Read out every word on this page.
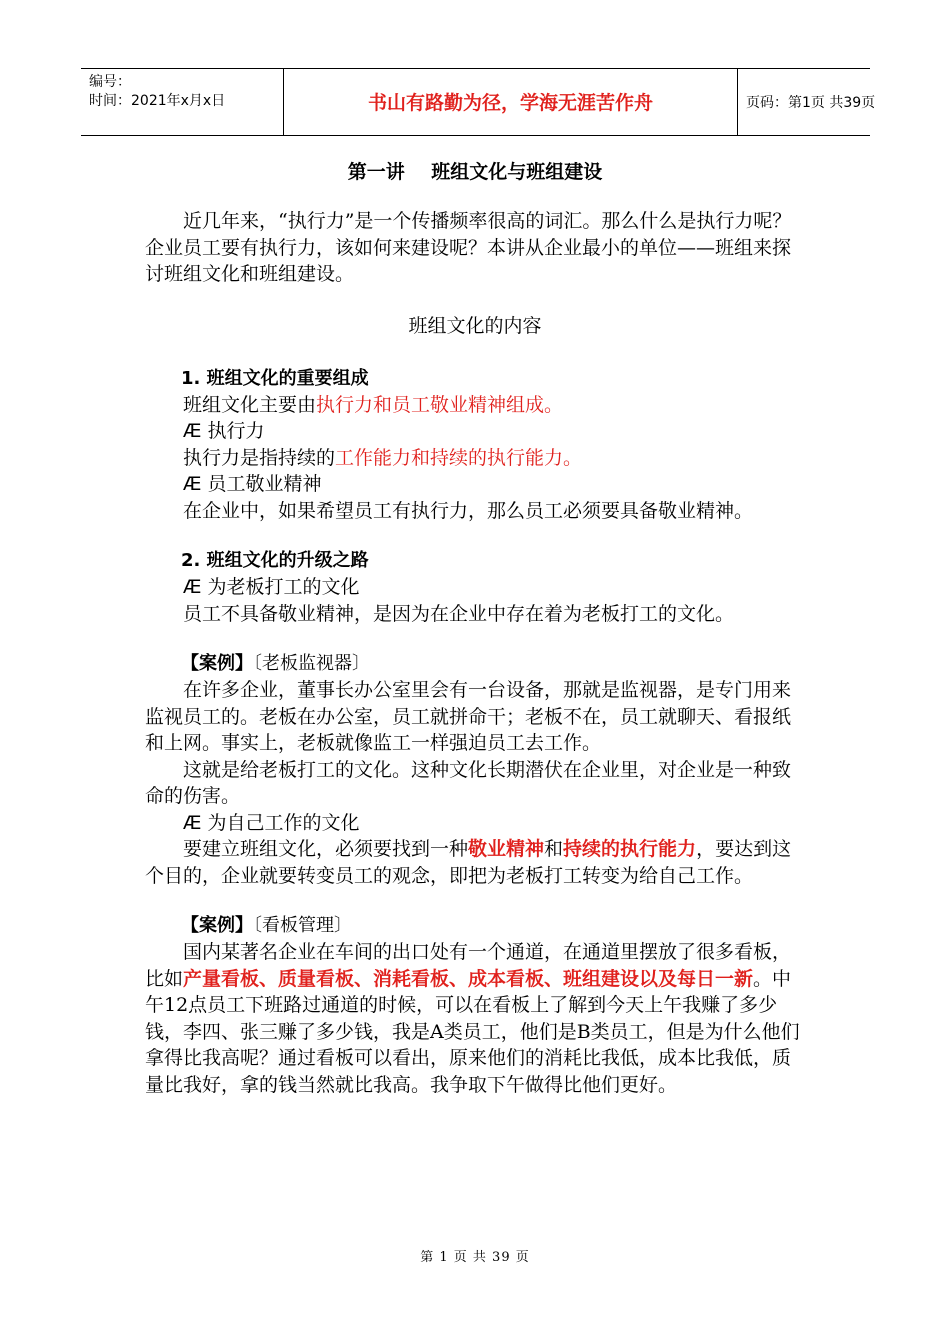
编号：
时间：2021年x月x日	书山有路勤为径，学海无涯苦作舟	页码：第1页 共39页

第一讲    班组文化与班组建设

近几年来，“执行力”是一个传播频率很高的词汇。那么什么是执行力呢？企业员工要有执行力，该如何来建设呢？本讲从企业最小的单位——班组来探讨班组文化和班组建设。

班组文化的内容

1. 班组文化的重要组成

班组文化主要由执行力和员工敬业精神组成。

Æ 执行力

执行力是指持续的工作能力和持续的执行能力。

Æ 员工敬业精神

在企业中，如果希望员工有执行力，那么员工必须要具备敬业精神。

2. 班组文化的升级之路

Æ 为老板打工的文化

员工不具备敬业精神，是因为在企业中存在着为老板打工的文化。

【案例】〔老板监视器〕

在许多企业，董事长办公室里会有一台设备，那就是监视器，是专门用来监视员工的。老板在办公室，员工就拼命干；老板不在，员工就聊天、看报纸和上网。事实上，老板就像监工一样强迫员工去工作。

这就是给老板打工的文化。这种文化长期潜伏在企业里，对企业是一种致命的伤害。

Æ 为自己工作的文化

要建立班组文化，必须要找到一种敬业精神和持续的执行能力，要达到这个目的，企业就要转变员工的观念，即把为老板打工转变为给自己工作。

【案例】〔看板管理〕

国内某著名企业在车间的出口处有一个通道，在通道里摆放了很多看板，比如产量看板、质量看板、消耗看板、成本看板、班组建设以及每日一新。中午12点员工下班路过通道的时候，可以在看板上了解到今天上午我赚了多少钱，李四、张三赚了多少钱，我是A类员工，他们是B类员工，但是为什么他们拿得比我高呢？通过看板可以看出，原来他们的消耗比我低，成本比我低，质量比我好，拿的钱当然就比我高。我争取下午做得比他们更好。

第 1 页 共 39 页
